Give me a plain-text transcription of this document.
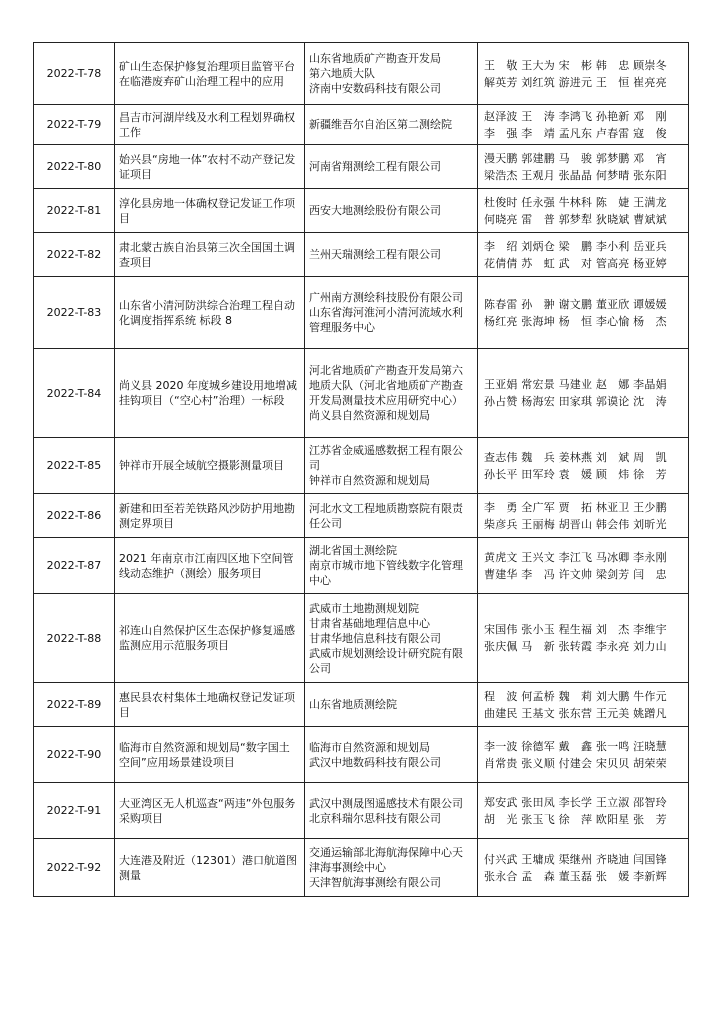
2022-T-78	矿山生态保护修复治理项目监管平台在临港废弃矿山治理工程中的应用	山东省地质矿产勘查开发局
第六地质大队
济南中安数码科技有限公司	王　敬 王大为 宋　彬 韩　忠 顾崇冬
解英芳 刘红筑 游进元 王　恒 崔亮亮

2022-T-79	昌吉市河湖岸线及水利工程划界确权工作	新疆维吾尔自治区第二测绘院	赵泽波 王　涛 李鸿飞 孙艳新 邓　刚
李　强 李　靖 孟凡东 卢春雷 寇　俊

2022-T-80	始兴县“房地一体”农村不动产登记发证项目	河南省翔测绘工程有限公司	漫天鹏 郭建鹏 马　骏 郭梦鹏 邓　宵
梁浩杰 王观月 张晶晶 何梦晴 张东阳

2022-T-81	淳化县房地一体确权登记发证工作项目	西安大地测绘股份有限公司	杜俊时 任永强 牛林科 陈　婕 王满龙
何晓亮 雷　普 郭梦犁 狄晓斌 曹斌斌

2022-T-82	肃北蒙古族自治县第三次全国国土调查项目	兰州天瑞测绘工程有限公司	李　绍 刘炳仓 梁　鹏 李小利 岳亚兵
花倩倩 苏　虹 武　对 管高亮 杨亚婷

2022-T-83	山东省小清河防洪综合治理工程自动化调度指挥系统 标段 8	广州南方测绘科技股份有限公司
山东省海河淮河小清河流域水利管理服务中心	陈春雷 孙　翀 谢文鹏 董亚欣 谭媛媛
杨红亮 张海坤 杨　恒 李心愉 杨　杰

2022-T-84	尚义县 2020 年度城乡建设用地增减挂钩项目（“空心村”治理）一标段	河北省地质矿产勘查开发局第六地质大队（河北省地质矿产勘查开发局测量技术应用研究中心）
尚义县自然资源和规划局	王亚娟 常宏景 马建业 赵　娜 李晶娟
孙占赞 杨海宏 田家琪 郭谟论 沈　涛

2022-T-85	钟祥市开展全域航空摄影测量项目	江苏省金威遥感数据工程有限公司
钟祥市自然资源和规划局	查志伟 魏　兵 姜林燕 刘　斌 周　凯
孙长平 田军玲 袁　媛 顾　炜 徐　芳

2022-T-86	新建和田至若羌铁路风沙防护用地勘测定界项目	河北水文工程地质勘察院有限责任公司	李　勇 全广军 贾　拓 林亚卫 王少鹏
柴彦兵 王丽梅 胡晋山 韩会伟 刘昕光

2022-T-87	2021 年南京市江南四区地下空间管线动态维护（测绘）服务项目	湖北省国土测绘院
南京市城市地下管线数字化管理中心	黄虎文 王兴文 李江飞 马冰卿 李永刚
曹建华 李　冯 许文帅 梁剑芳 闫　忠

2022-T-88	祁连山自然保护区生态保护修复遥感监测应用示范服务项目	武威市土地勘测规划院
甘肃省基础地理信息中心
甘肃华地信息科技有限公司
武威市规划测绘设计研究院有限公司	宋国伟 张小玉 程生福 刘　杰 李维宇
张庆佩 马　新 张转霞 李永亮 刘力山

2022-T-89	惠民县农村集体土地确权登记发证项目	山东省地质测绘院	程　波 何孟桥 魏　莉 刘大鹏 牛作元
曲建民 王基文 张东营 王元美 姚蹭凡

2022-T-90	临海市自然资源和规划局“数字国土空间”应用场景建设项目	临海市自然资源和规划局
武汉中地数码科技有限公司	李一波 徐德军 戴　鑫 张一鸣 汪晓慧
肖常贵 张义顺 付建会 宋贝贝 胡荣荣

2022-T-91	大亚湾区无人机巡查“两违”外包服务采购项目	武汉中测晟图遥感技术有限公司
北京科瑞尔思科技有限公司	郑安武 张田凤 李长学 王立淑 邵智玲
胡　光 张玉飞 徐　萍 欧阳星 张　芳

2022-T-92	大连港及附近（12301）港口航道图测量	交通运输部北海航海保障中心天津海事测绘中心
天津智航海事测绘有限公司	付兴武 王墉成 渠继州 齐晓迪 闫国锋
张永合 孟　森 董玉磊 张　媛 李新辉
